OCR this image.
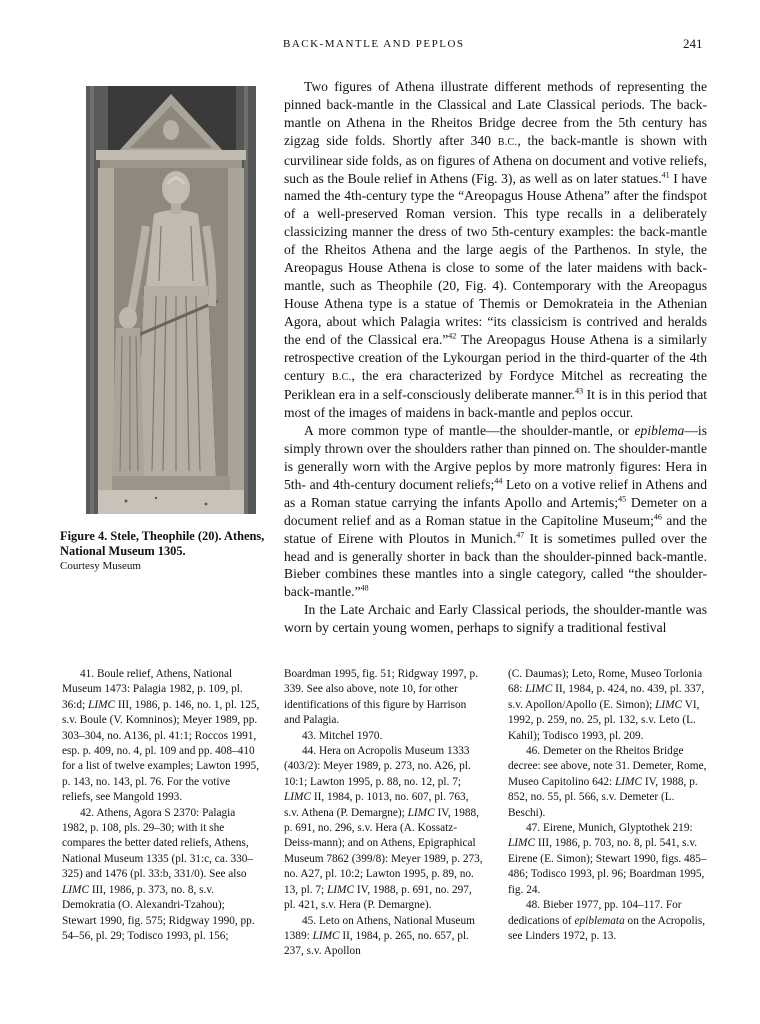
BACK-MANTLE AND PEPLOS	241
Figure 4. Stele, Theophile (20). Athens, National Museum 1305.
Courtesy Museum

Two figures of Athena illustrate different methods of representing the pinned back-mantle in the Classical and Late Classical periods. The back-mantle on Athena in the Rheitos Bridge decree from the 5th century has zigzag side folds. Shortly after 340 B.C., the back-mantle is shown with curvilinear side folds, as on figures of Athena on document and votive reliefs, such as the Boule relief in Athens (Fig. 3), as well as on later statues.$^{41}$ I have named the 4th-century type the “Areopagus House Athena” after the findspot of a well-preserved Roman version. This type recalls in a deliberately classicizing manner the dress of two 5th-century examples: the back-mantle of the Rheitos Athena and the large aegis of the Parthenos. In style, the Areopagus House Athena is close to some of the later maidens with back-mantle, such as Theophile (20, Fig. 4). Contemporary with the Areopagus House Athena type is a statue of Themis or Demokrateia in the Athenian Agora, about which Palagia writes: “its classicism is contrived and heralds the end of the Classical era.”$^{42}$ The Areopagus House Athena is a similarly retrospective creation of the Lykourgan period in the third-quarter of the 4th century B.C., the era characterized by Fordyce Mitchel as recreating the Periklean era in a self-consciously deliberate manner.$^{43}$ It is in this period that most of the images of maidens in back-mantle and peplos occur.

A more common type of mantle—the shoulder-mantle, or epiblema—is simply thrown over the shoulders rather than pinned on. The shoulder-mantle is generally worn with the Argive peplos by more matronly figures: Hera in 5th- and 4th-century document reliefs;$^{44}$ Leto on a votive relief in Athens and as a Roman statue carrying the infants Apollo and Artemis;$^{45}$ Demeter on a document relief and as a Roman statue in the Capitoline Museum;$^{46}$ and the statue of Eirene with Ploutos in Munich.$^{47}$ It is sometimes pulled over the head and is generally shorter in back than the shoulder-pinned back-mantle. Bieber combines these mantles into a single category, called “the shoulder-back-mantle.”$^{48}$

In the Late Archaic and Early Classical periods, the shoulder-mantle was worn by certain young women, perhaps to signify a traditional festival

41. Boule relief, Athens, National Museum 1473: Palagia 1982, p. 109, pl. 36:d; LIMC III, 1986, p. 146, no. 1, pl. 125, s.v. Boule (V. Komninos); Meyer 1989, pp. 303–304, no. A136, pl. 41:1; Roccos 1991, esp. p. 409, no. 4, pl. 109 and pp. 408–410 for a list of twelve examples; Lawton 1995, p. 143, no. 143, pl. 76. For the votive reliefs, see Mangold 1993.

42. Athens, Agora S 2370: Palagia 1982, p. 108, pls. 29–30; with it she compares the better dated reliefs, Athens, National Museum 1335 (pl. 31:c, ca. 330–325) and 1476 (pl. 33:b, 331/0). See also LIMC III, 1986, p. 373, no. 8, s.v. Demokratia (O. Alexandri-Tzahou); Stewart 1990, fig. 575; Ridgway 1990, pp. 54–56, pl. 29; Todisco 1993, pl. 156;

Boardman 1995, fig. 51; Ridgway 1997, p. 339. See also above, note 10, for other identifications of this figure by Harrison and Palagia.

43. Mitchel 1970.

44. Hera on Acropolis Museum 1333 (403/2): Meyer 1989, p. 273, no. A26, pl. 10:1; Lawton 1995, p. 88, no. 12, pl. 7; LIMC II, 1984, p. 1013, no. 607, pl. 763, s.v. Athena (P. Demargne); LIMC IV, 1988, p. 691, no. 296, s.v. Hera (A. Kossatz-Deiss-mann); and on Athens, Epigraphical Museum 7862 (399/8): Meyer 1989, p. 273, no. A27, pl. 10:2; Lawton 1995, p. 89, no. 13, pl. 7; LIMC IV, 1988, p. 691, no. 297, pl. 421, s.v. Hera (P. Demargne).

45. Leto on Athens, National Museum 1389: LIMC II, 1984, p. 265, no. 657, pl. 237, s.v. Apollon

(C. Daumas); Leto, Rome, Museo Torlonia 68: LIMC II, 1984, p. 424, no. 439, pl. 337, s.v. Apollon/Apollo (E. Simon); LIMC VI, 1992, p. 259, no. 25, pl. 132, s.v. Leto (L. Kahil); Todisco 1993, pl. 209.

46. Demeter on the Rheitos Bridge decree: see above, note 31. Demeter, Rome, Museo Capitolino 642: LIMC IV, 1988, p. 852, no. 55, pl. 566, s.v. Demeter (L. Beschi).

47. Eirene, Munich, Glyptothek 219: LIMC III, 1986, p. 703, no. 8, pl. 541, s.v. Eirene (E. Simon); Stewart 1990, figs. 485–486; Todisco 1993, pl. 96; Boardman 1995, fig. 24.

48. Bieber 1977, pp. 104–117. For dedications of epiblemata on the Acropolis, see Linders 1972, p. 13.
